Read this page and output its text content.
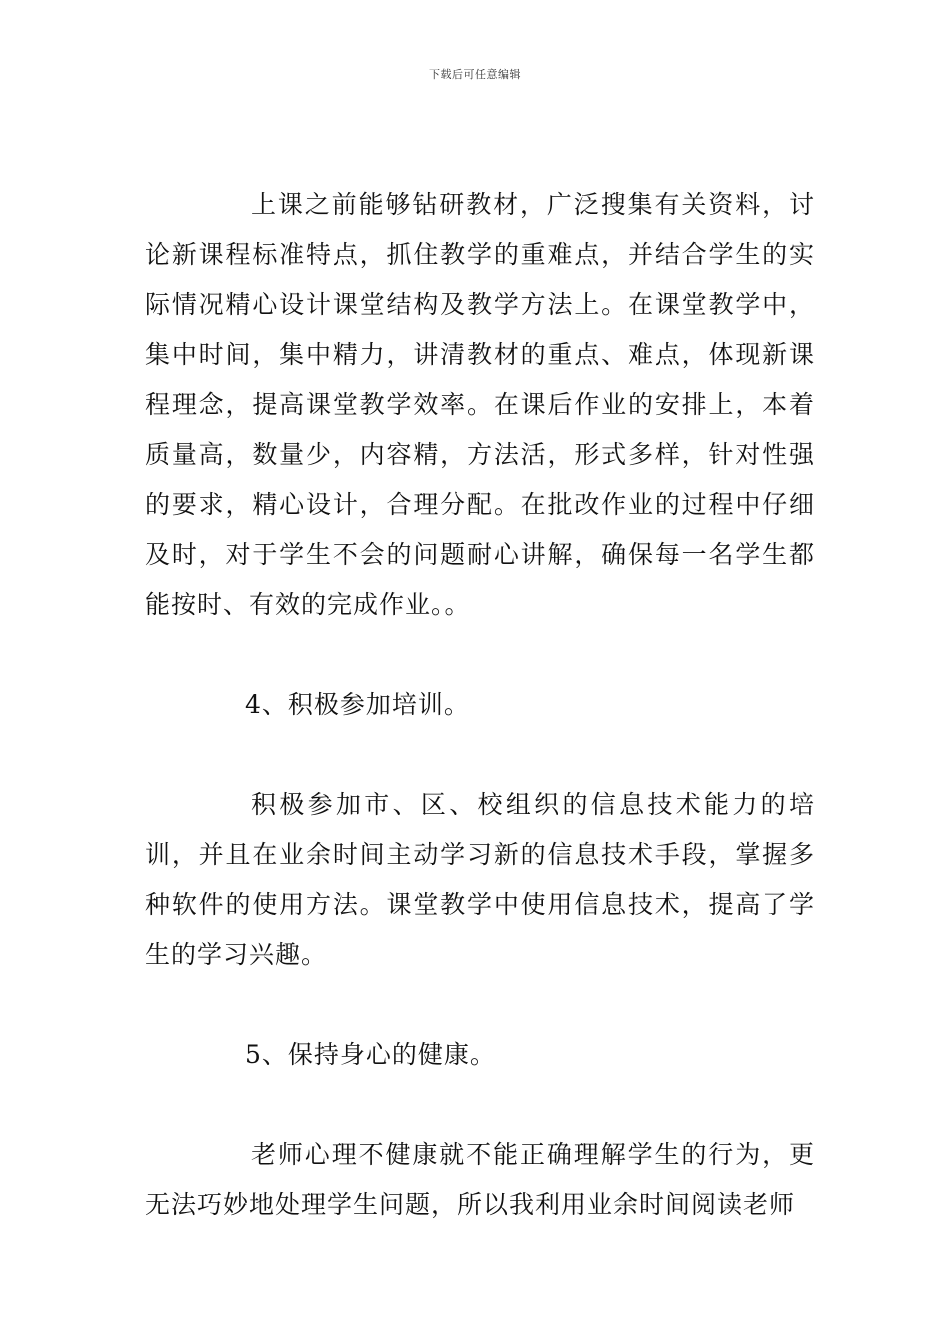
下载后可任意编辑

上课之前能够钻研教材，广泛搜集有关资料，讨论新课程标准特点，抓住教学的重难点，并结合学生的实际情况精心设计课堂结构及教学方法上。在课堂教学中，集中时间，集中精力，讲清教材的重点、难点，体现新课程理念，提高课堂教学效率。在课后作业的安排上，本着质量高，数量少，内容精，方法活，形式多样，针对性强的要求，精心设计，合理分配。在批改作业的过程中仔细及时，对于学生不会的问题耐心讲解，确保每一名学生都能按时、有效的完成作业。。

4、积极参加培训。

积极参加市、区、校组织的信息技术能力的培训，并且在业余时间主动学习新的信息技术手段，掌握多种软件的使用方法。课堂教学中使用信息技术，提高了学生的学习兴趣。

5、保持身心的健康。

老师心理不健康就不能正确理解学生的行为，更无法巧妙地处理学生问题，所以我利用业余时间阅读老师
